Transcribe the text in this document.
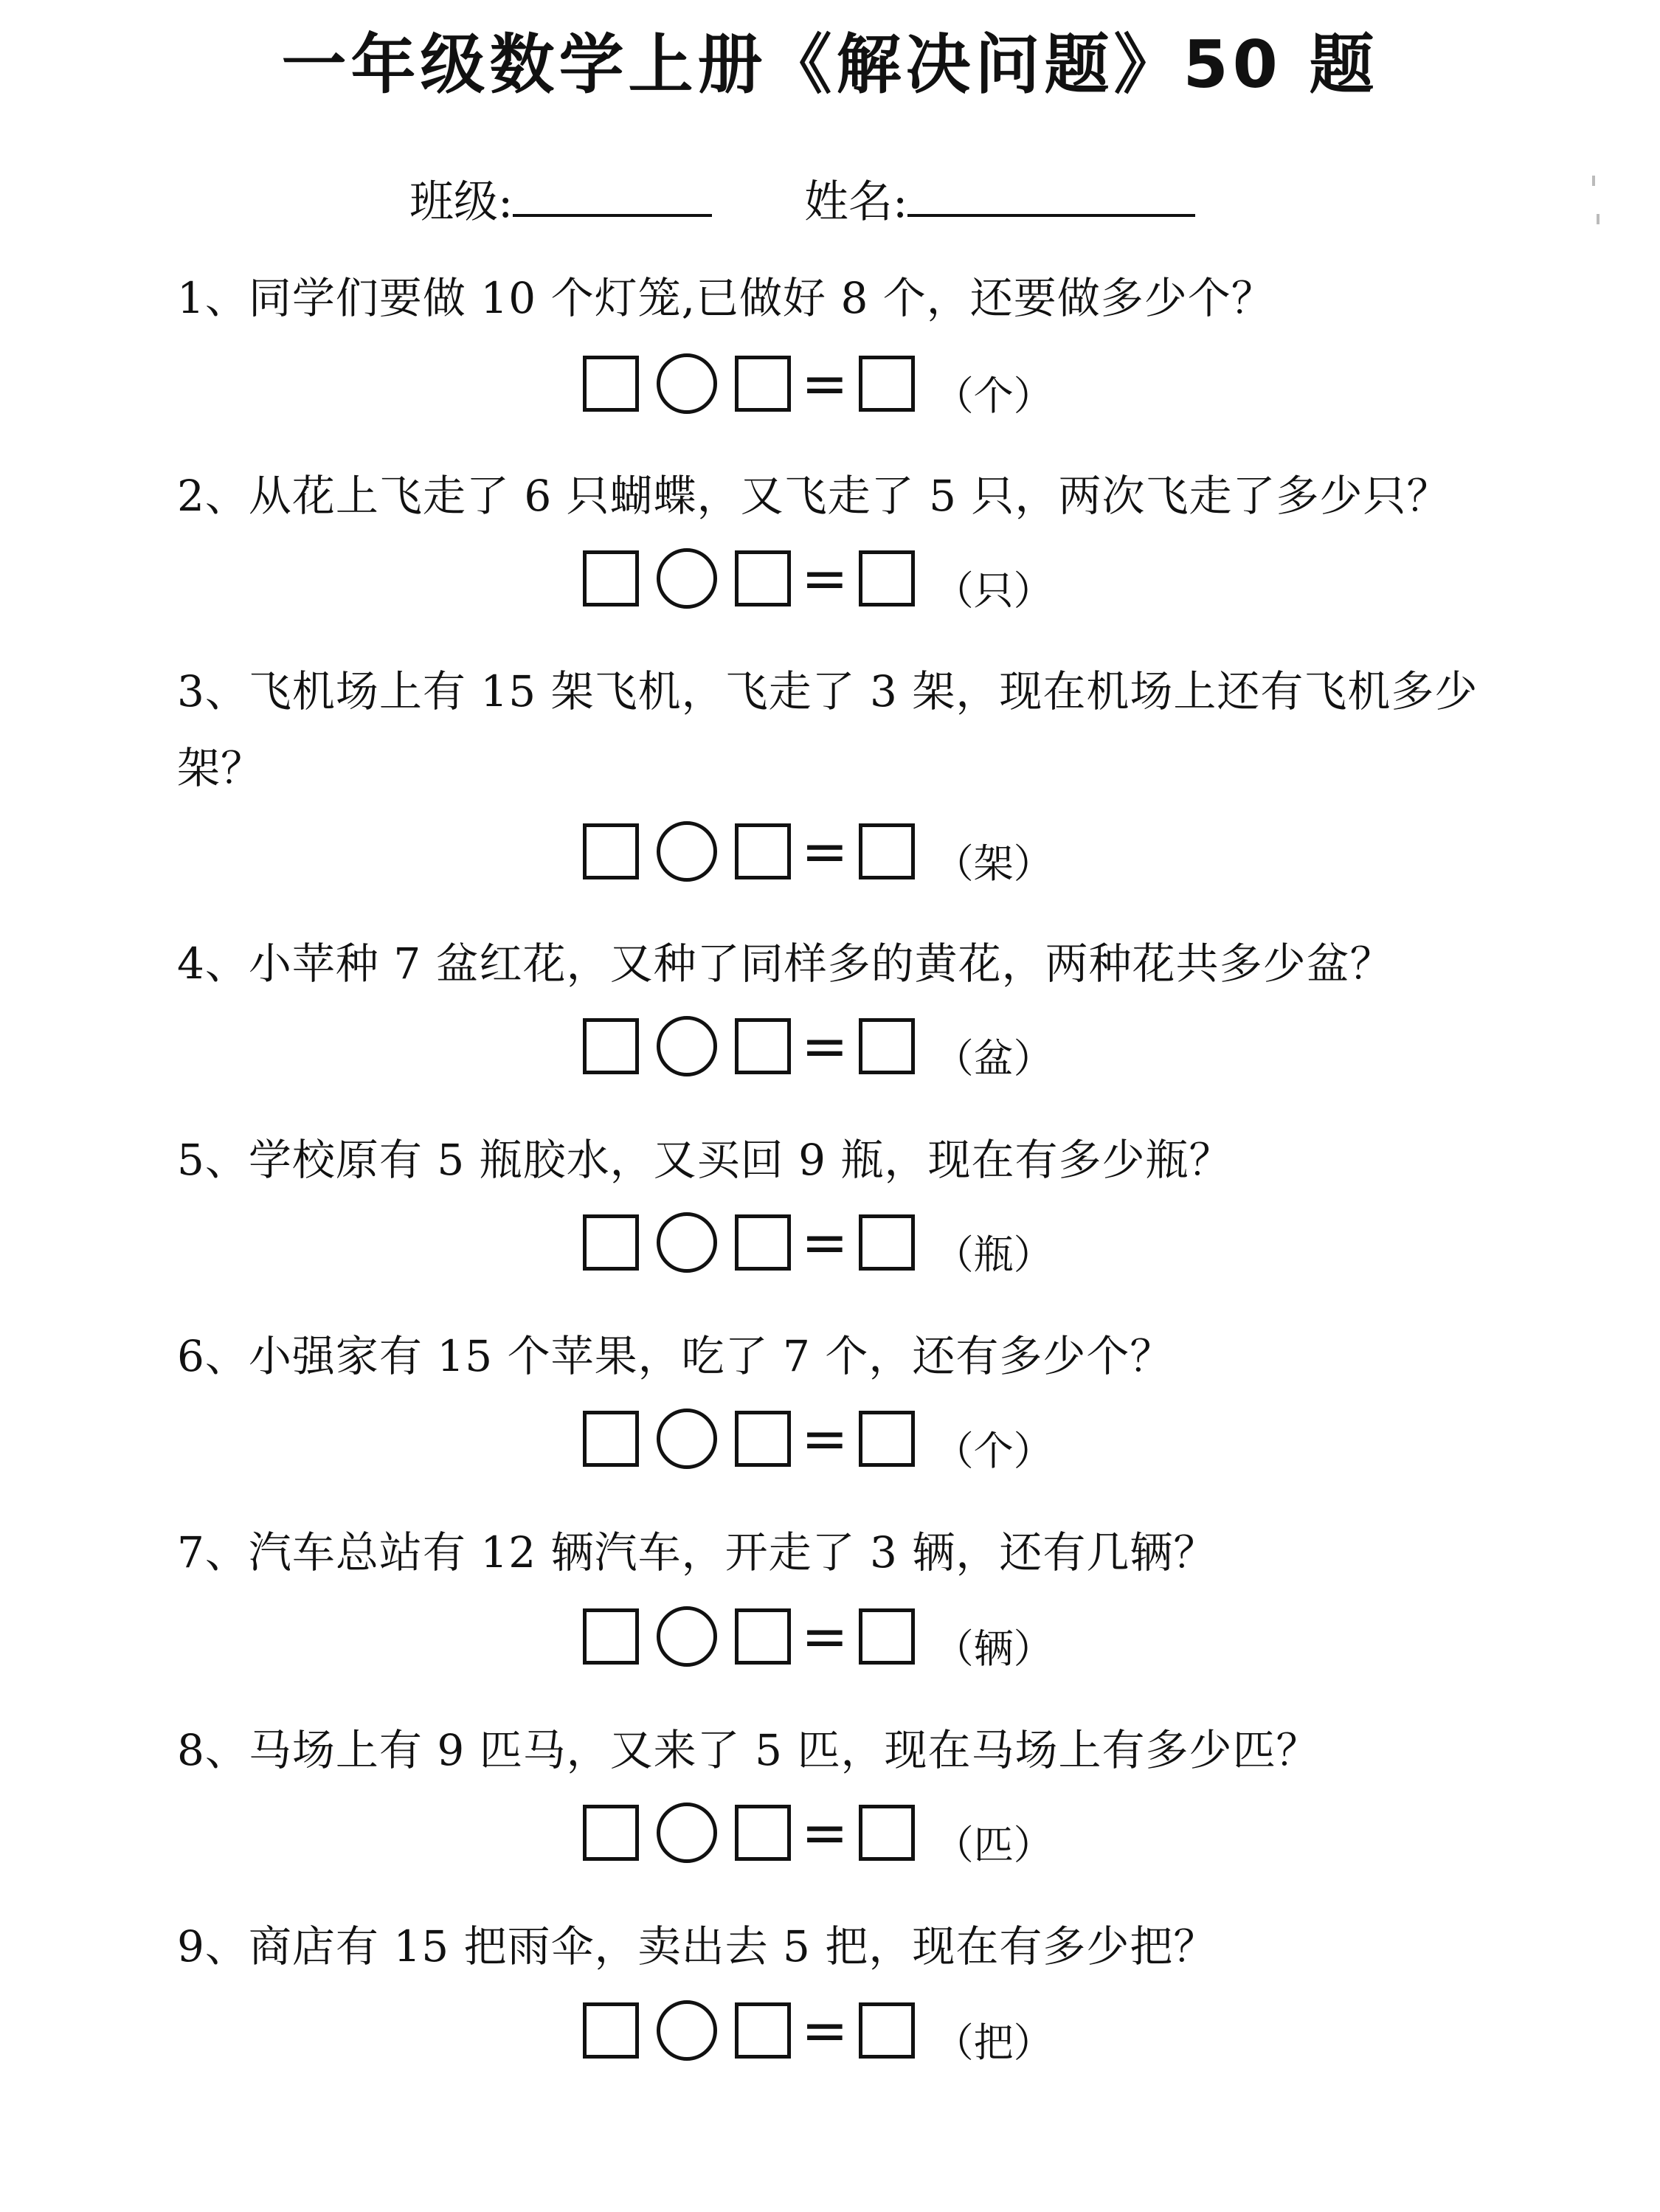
一年级数学上册《解决问题》50 题
班级:	姓名:
1、同学们要做 10 个灯笼,已做好 8 个，还要做多少个？
= （个）
2、从花上飞走了 6 只蝴蝶，又飞走了 5 只，两次飞走了多少只？
= （只）
3、飞机场上有 15 架飞机，飞走了 3 架，现在机场上还有飞机多少架？
= （架）
4、小苹种 7 盆红花，又种了同样多的黄花，两种花共多少盆？
= （盆）
5、学校原有 5 瓶胶水，又买回 9 瓶，现在有多少瓶？
= （瓶）
6、小强家有 15 个苹果，吃了 7 个，还有多少个？
= （个）
7、汽车总站有 12 辆汽车，开走了 3 辆，还有几辆？
= （辆）
8、马场上有 9 匹马，又来了 5 匹，现在马场上有多少匹？
= （匹）
9、商店有 15 把雨伞，卖出去 5 把，现在有多少把？
= （把）
